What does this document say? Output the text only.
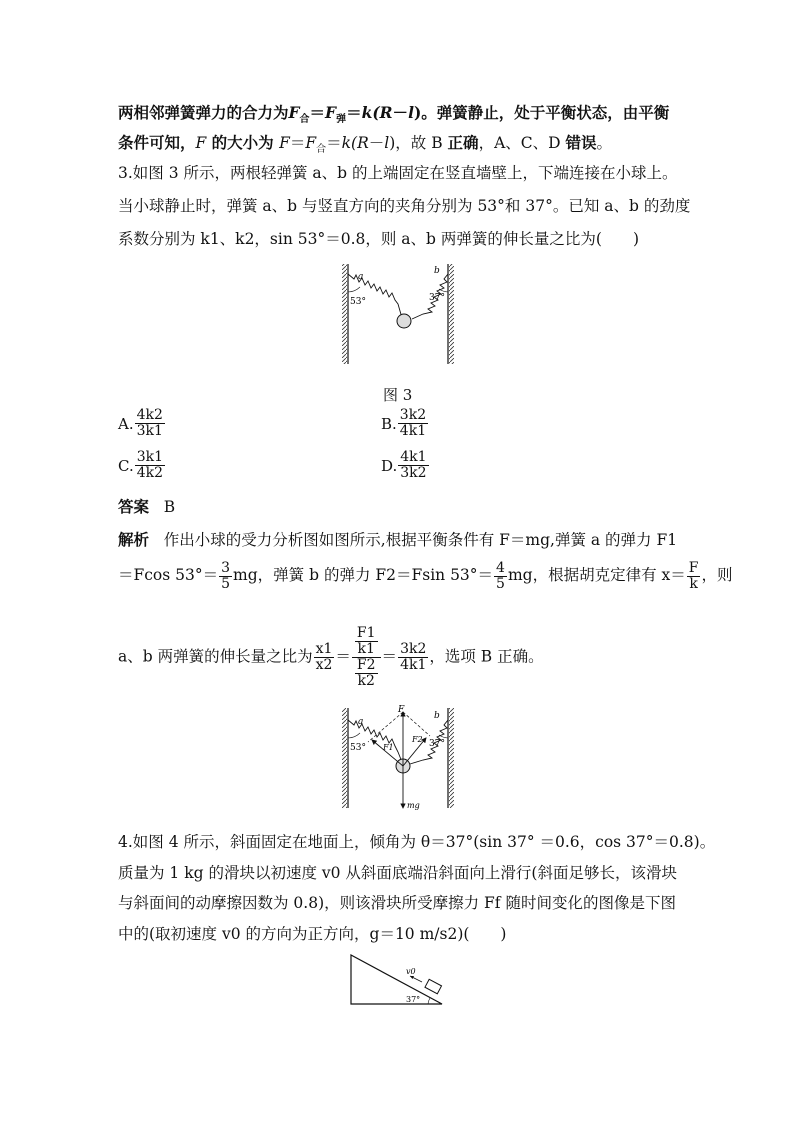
两相邻弹簧弹力的合力为$F_合=F_弹=k(R-l)$。弹簧静止，处于平衡状态，由平衡
条件可知，F 的大小为 $F=F_合=k(R-l)$，故 B 正确，A、C、D 错误。
3.如图 3 所示，两根轻弹簧 a、b 的上端固定在竖直墙壁上，下端连接在小球上。
当小球静止时，弹簧 a、b 与竖直方向的夹角分别为 53°和 37°。已知 a、b 的劲度
系数分别为 k1、k2，sin 53°＝0.8，则 a、b 两弹簧的伸长量之比为(　　)
a
b
53°	37°
图 3
A. $\frac{4k2}{3k1}$	B. $\frac{3k2}{4k1}$
C. $\frac{3k1}{4k2}$	D. $\frac{4k1}{3k2}$
答案 B
解析 作出小球的受力分析图如图所示,根据平衡条件有 F＝mg,弹簧 a 的弹力 F1
＝Fcos $53^\circ= \frac{3}{5}$ mg，弹簧 b 的弹力 F2＝Fsin $53^\circ= \frac{4}{5}$ mg，根据胡克定律有 $x= \frac{F}{k}$ ，则
a、b 两弹簧的伸长量之比为 $\frac{x1}{x2} = \frac{\frac{F1}{k1}}{\frac{F2}{k2}} = \frac{3k2}{4k1}$ ，选项 B 正确。
F
a
b
53°	37°
F1
F2
mg
4.如图 4 所示，斜面固定在地面上，倾角为 θ＝37°(sin 37° ＝0.6，cos 37°＝0.8)。
质量为 1 kg 的滑块以初速度 v0 从斜面底端沿斜面向上滑行(斜面足够长，该滑块
与斜面间的动摩擦因数为 0.8)，则该滑块所受摩擦力 Ff 随时间变化的图像是下图
中的(取初速度 v0 的方向为正方向，g＝10 m/s2)(　　)
v0
37°
